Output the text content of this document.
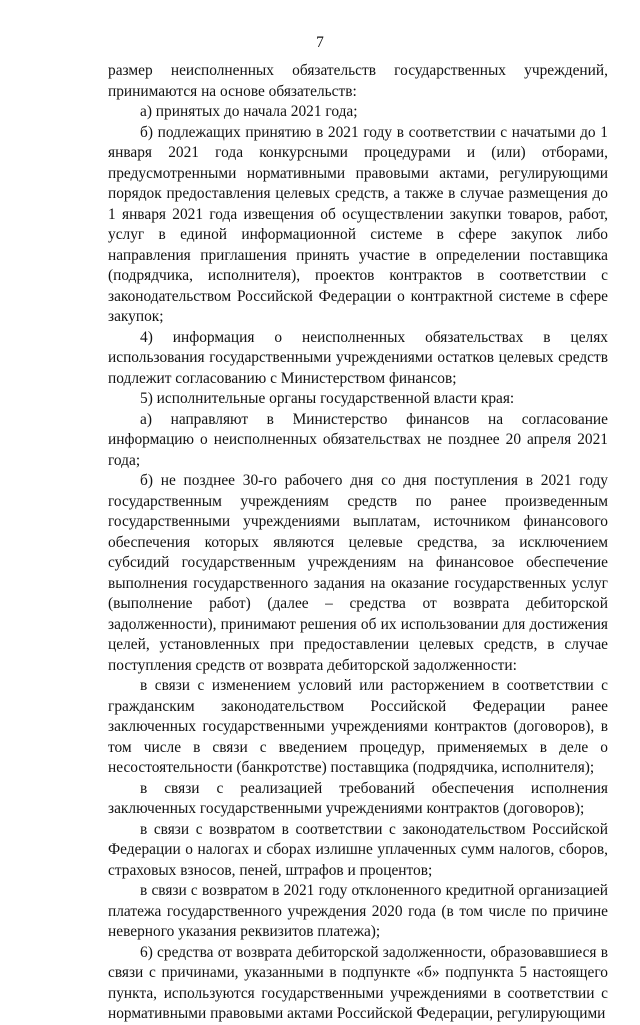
7

размер неисполненных обязательств государственных учреждений, принимаются на основе обязательств:

а) принятых до начала 2021 года;

б) подлежащих принятию в 2021 году в соответствии с начатыми до 1 января 2021 года конкурсными процедурами и (или) отборами, предусмотренными нормативными правовыми актами, регулирующими порядок предоставления целевых средств, а также в случае размещения до 1 января 2021 года извещения об осуществлении закупки товаров, работ, услуг в единой информационной системе в сфере закупок либо направления приглашения принять участие в определении поставщика (подрядчика, исполнителя), проектов контрактов в соответствии с законодательством Российской Федерации о контрактной системе в сфере закупок;

4) информация о неисполненных обязательствах в целях использования государственными учреждениями остатков целевых средств подлежит согласованию с Министерством финансов;

5) исполнительные органы государственной власти края:

а) направляют в Министерство финансов на согласование информацию о неисполненных обязательствах не позднее 20 апреля 2021 года;

б) не позднее 30-го рабочего дня со дня поступления в 2021 году государственным учреждениям средств по ранее произведенным государственными учреждениями выплатам, источником финансового обеспечения которых являются целевые средства, за исключением субсидий государственным учреждениям на финансовое обеспечение выполнения государственного задания на оказание государственных услуг (выполнение работ) (далее – средства от возврата дебиторской задолженности), принимают решения об их использовании для достижения целей, установленных при предоставлении целевых средств, в случае поступления средств от возврата дебиторской задолженности:

в связи с изменением условий или расторжением в соответствии с гражданским законодательством Российской Федерации ранее заключенных государственными учреждениями контрактов (договоров), в том числе в связи с введением процедур, применяемых в деле о несостоятельности (банкротстве) поставщика (подрядчика, исполнителя);

в связи с реализацией требований обеспечения исполнения заключенных государственными учреждениями контрактов (договоров);

в связи с возвратом в соответствии с законодательством Российской Федерации о налогах и сборах излишне уплаченных сумм налогов, сборов, страховых взносов, пеней, штрафов и процентов;

в связи с возвратом в 2021 году отклоненного кредитной организацией платежа государственного учреждения 2020 года (в том числе по причине неверного указания реквизитов платежа);

6) средства от возврата дебиторской задолженности, образовавшиеся в связи с причинами, указанными в подпункте «б» подпункта 5 настоящего пункта, используются государственными учреждениями в соответствии с нормативными правовыми актами Российской Федерации, регулирующими
